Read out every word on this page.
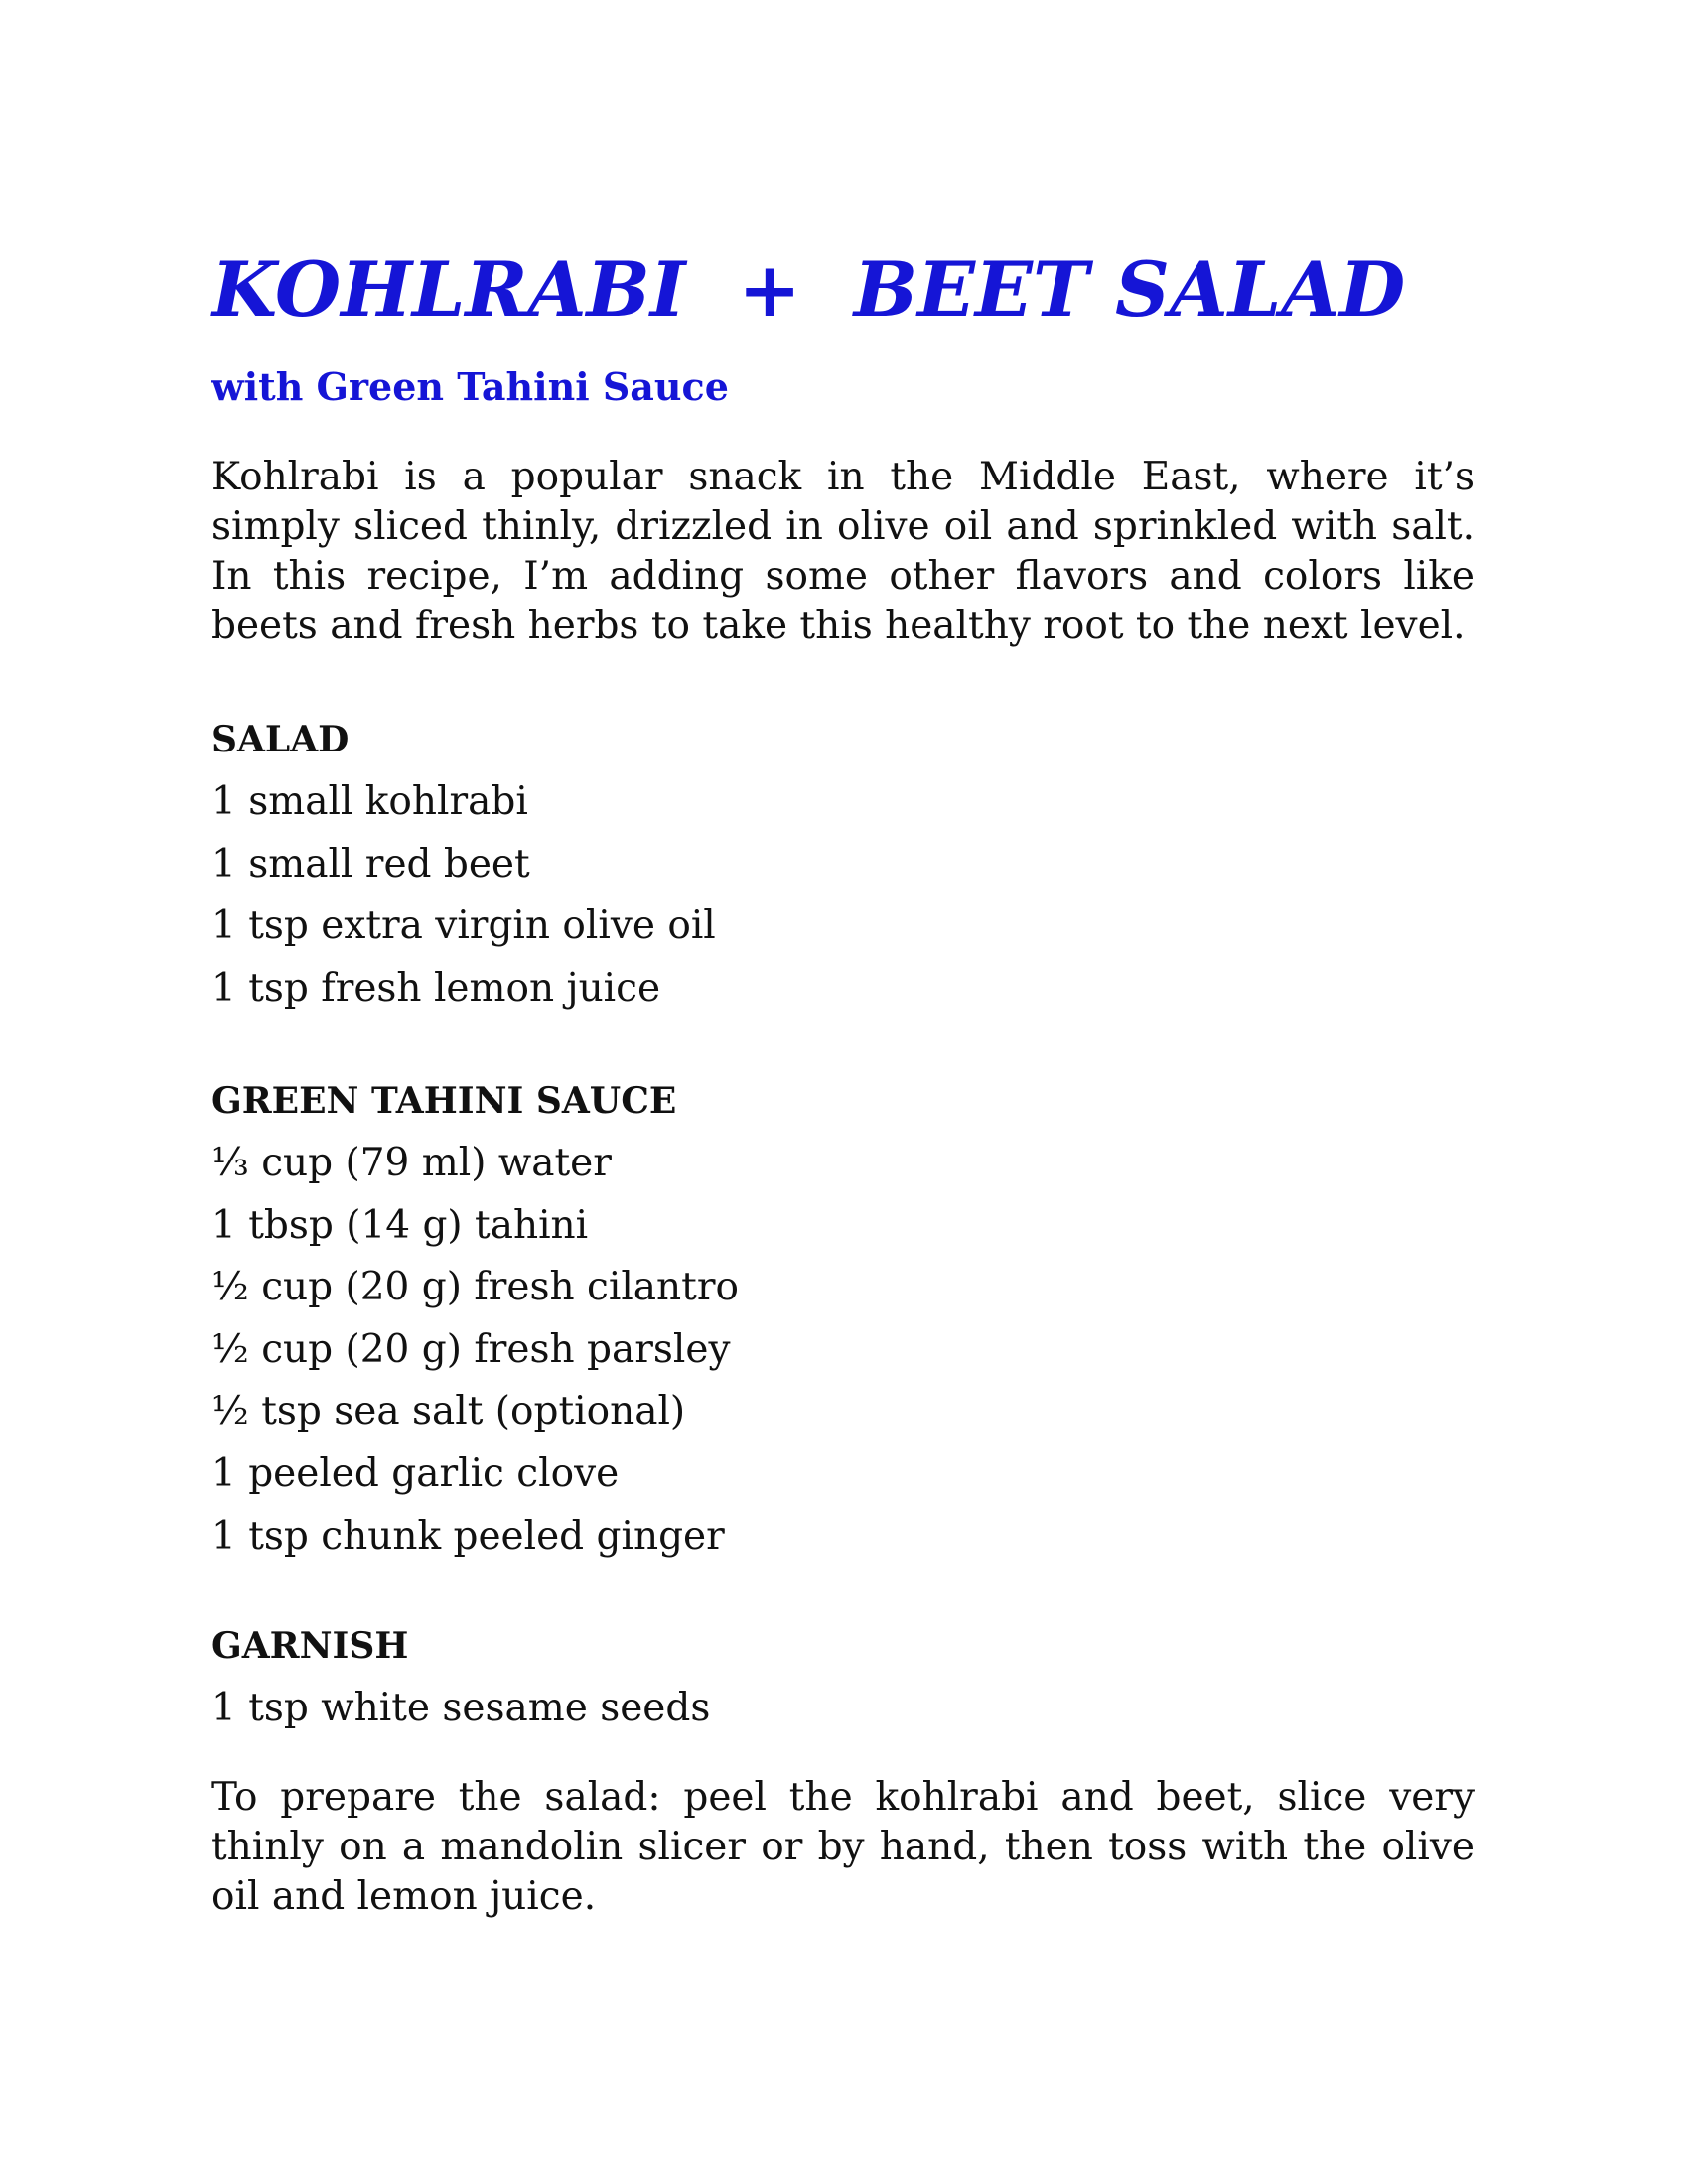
KOHLRABI  +  BEET SALAD
with Green Tahini Sauce

Kohlrabi is a popular snack in the Middle East, where it’s simply sliced thinly, drizzled in olive oil and sprinkled with salt. In this recipe, I’m adding some other flavors and colors like beets and fresh herbs to take this healthy root to the next level.

SALAD
1 small kohlrabi
1 small red beet
1 tsp extra virgin olive oil
1 tsp fresh lemon juice
GREEN TAHINI SAUCE
⅓ cup (79 ml) water
1 tbsp (14 g) tahini
½ cup (20 g) fresh cilantro
½ cup (20 g) fresh parsley
½ tsp sea salt (optional)
1 peeled garlic clove
1 tsp chunk peeled ginger
GARNISH
1 tsp white sesame seeds

To prepare the salad: peel the kohlrabi and beet, slice very thinly on a mandolin slicer or by hand, then toss with the olive oil and lemon juice.
